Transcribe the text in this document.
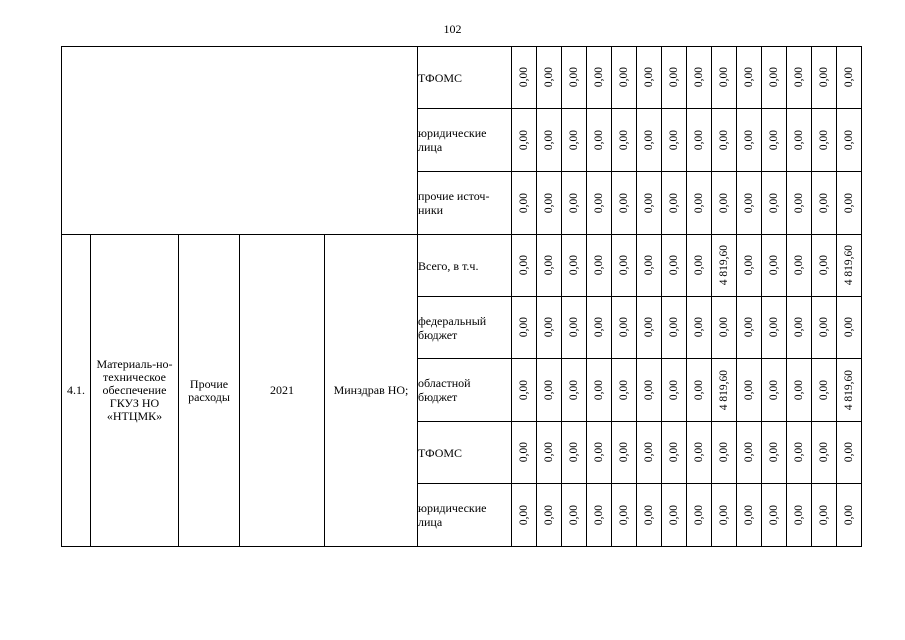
102
					ТФОМС	0,00	0,00	0,00	0,00	0,00	0,00	0,00	0,00	0,00	0,00	0,00	0,00	0,00	0,00

					юридические лица	0,00	0,00	0,00	0,00	0,00	0,00	0,00	0,00	0,00	0,00	0,00	0,00	0,00	0,00

					прочие источ-ники	0,00	0,00	0,00	0,00	0,00	0,00	0,00	0,00	0,00	0,00	0,00	0,00	0,00	0,00

4.1.	Материаль-но-техническое обеспечение ГКУЗ НО «НТЦМК»	Прочие расходы	2021	Минздрав НО;	Всего, в т.ч.	0,00	0,00	0,00	0,00	0,00	0,00	0,00	0,00	4 819,60	0,00	0,00	0,00	0,00	4 819,60

					федеральный бюджет	0,00	0,00	0,00	0,00	0,00	0,00	0,00	0,00	0,00	0,00	0,00	0,00	0,00	0,00

					областной бюджет	0,00	0,00	0,00	0,00	0,00	0,00	0,00	0,00	4 819,60	0,00	0,00	0,00	0,00	4 819,60

					ТФОМС	0,00	0,00	0,00	0,00	0,00	0,00	0,00	0,00	0,00	0,00	0,00	0,00	0,00	0,00

					юридические лица	0,00	0,00	0,00	0,00	0,00	0,00	0,00	0,00	0,00	0,00	0,00	0,00	0,00	0,00
